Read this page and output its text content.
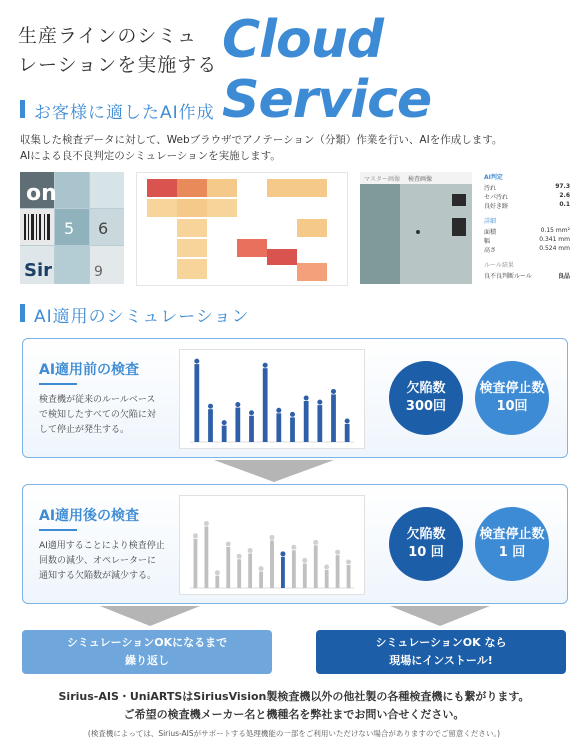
生産ラインのシミュ
レーションを実施する Cloud Service
お客様に適したAI作成
収集した検査データに対して、Webブラウザでアノテーション（分類）作業を行い、AIを作成します。
AIによる良不良判定のシミュレーションを実施します。
on
5 6
Sir	9
マスター画像 検査画像	AI判定
汚れ	97.3
セパ汚れ	2.6
良好き跡	0.1
詳細
面積	0.15 mm²
幅	0.341 mm
高さ	0.524 mm
ルール結果
良不良判断ルール	良品
AI適用のシミュレーション
AI適用前の検査
検査機が従来のルールベース
で検知したすべての欠陥に対
して停止が発生する。
欠陥数
300回
検査停止数
10回
AI適用後の検査
AI適用することにより検査停止
回数の減少、オペレーターに
通知する欠陥数が減少する。
欠陥数
10 回
検査停止数
1 回
シミュレーションOKになるまで
繰り返し
シミュレーションOK なら
現場にインストール!
Sirius-AIS・UniARTSはSiriusVision製検査機以外の他社製の各種検査機にも繋がります。
ご希望の検査機メーカー名と機種名を弊社までお問い合せください。
(検査機によっては、Sirius-AISがサポートする処理機能の一部をご利用いただけない場合がありますのでご留意ください。)
